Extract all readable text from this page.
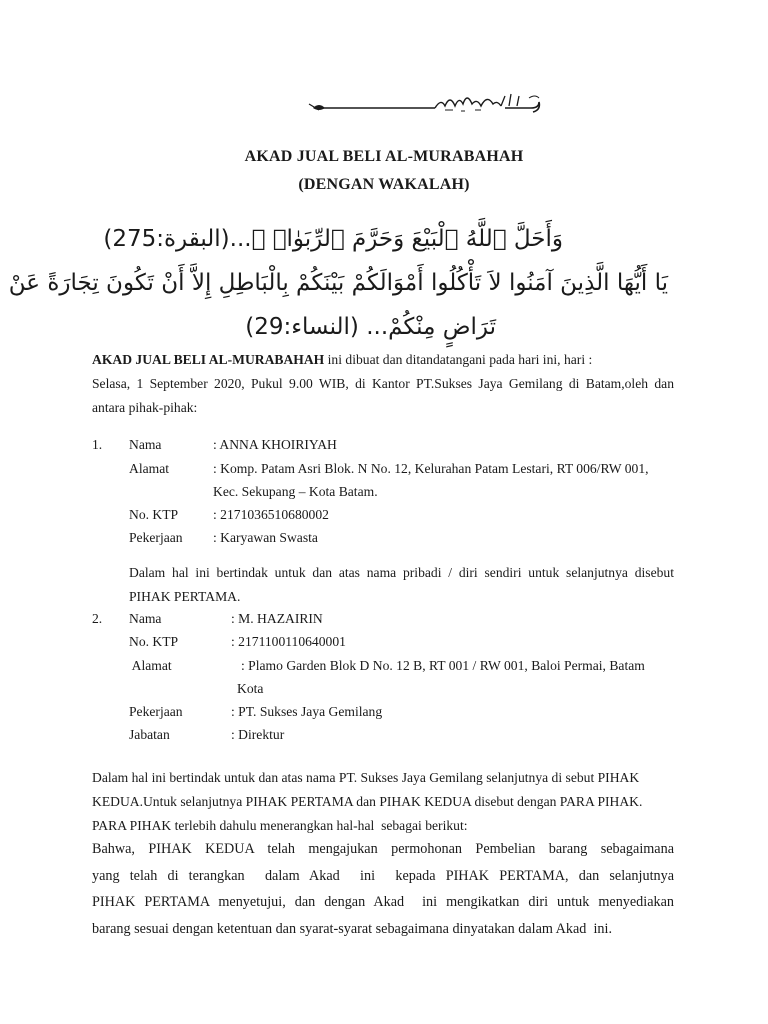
AKAD JUAL BELI AL-MURABAHAH
(DENGAN WAKALAH)
وَأَحَلَّ ٱللَّهُ ٱلْبَيْعَ وَحَرَّمَ ٱلرِّبَوٰا۟ ۚ...(البقرة:275)
يَا أَيُّهَا الَّذِينَ آمَنُوا لاَ تَأْكُلُوا أَمْوَالَكُمْ بَيْنَكُمْ بِالْبَاطِلِ إِلاَّ أَنْ تَكُونَ تِجَارَةً عَنْ
تَرَاضٍ مِنْكُمْ... (النساء:29)
AKAD JUAL BELI AL-MURABAHAH ini dibuat dan ditandatangani pada hari ini, hari :
Selasa, 1 September 2020, Pukul 9.00 WIB, di Kantor PT.Sukses Jaya Gemilang di Batam,oleh dan
antara pihak-pihak:
1. Nama	: ANNA KHOIRIYAH
Alamat	: Komp. Patam Asri Blok. N No. 12, Kelurahan Patam Lestari, RT 006/RW 001,
Kec. Sekupang – Kota Batam.
No. KTP	: 2171036510680002
Pekerjaan : Karyawan Swasta
Dalam hal ini bertindak untuk dan atas nama pribadi / diri sendiri untuk selanjutnya disebut
PIHAK PERTAMA.
2. Nama	: M. HAZAIRIN
No. KTP	: 2171100110640001
Alamat	: Plamo Garden Blok D No. 12 B, RT 001 / RW 001, Baloi Permai, Batam
Kota
Pekerjaan	: PT. Sukses Jaya Gemilang
Jabatan	: Direktur
Dalam hal ini bertindak untuk dan atas nama PT. Sukses Jaya Gemilang selanjutnya di sebut PIHAK
KEDUA.Untuk selanjutnya PIHAK PERTAMA dan PIHAK KEDUA disebut dengan PARA PIHAK.
PARA PIHAK terlebih dahulu menerangkan hal-hal  sebagai berikut:
Bahwa, PIHAK KEDUA telah mengajukan permohonan Pembelian barang sebagaimana
yang telah di terangkan  dalam Akad  ini  kepada PIHAK PERTAMA, dan selanjutnya
PIHAK PERTAMA menyetujui, dan dengan Akad  ini mengikatkan diri untuk menyediakan
barang sesuai dengan ketentuan dan syarat-syarat sebagaimana dinyatakan dalam Akad  ini.
